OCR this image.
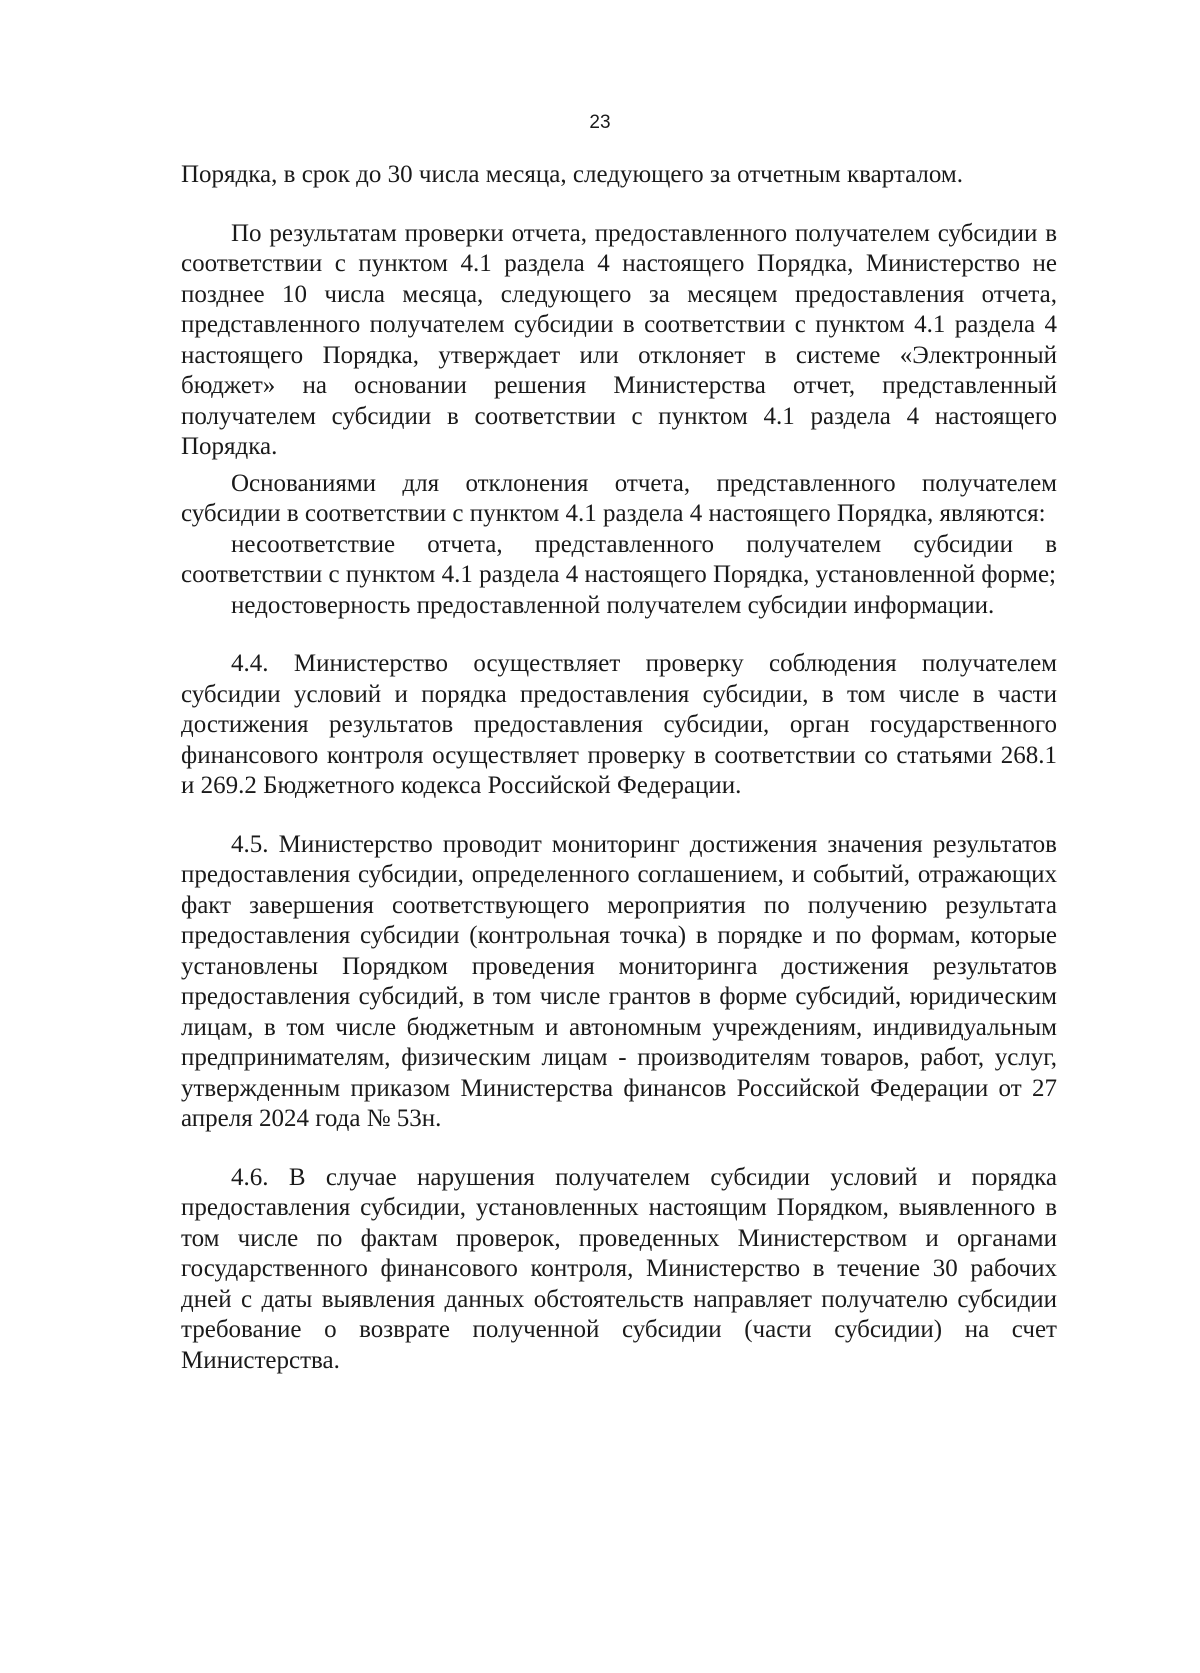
23

Порядка, в срок до 30 числа месяца, следующего за отчетным кварталом.

По результатам проверки отчета, предоставленного получателем субсидии в соответствии с пунктом 4.1 раздела 4 настоящего Порядка, Министерство не позднее 10 числа месяца, следующего за месяцем предоставления отчета, представленного получателем субсидии в соответствии с пунктом 4.1 раздела 4 настоящего Порядка, утверждает или отклоняет в системе «Электронный бюджет» на основании решения Министерства отчет, представленный получателем субсидии в соответствии с пунктом 4.1 раздела 4 настоящего Порядка.

Основаниями для отклонения отчета, представленного получателем субсидии в соответствии с пунктом 4.1 раздела 4 настоящего Порядка, являются:

несоответствие отчета, представленного получателем субсидии в соответствии с пунктом 4.1 раздела 4 настоящего Порядка, установленной форме;

недостоверность предоставленной получателем субсидии информации.

4.4. Министерство осуществляет проверку соблюдения получателем субсидии условий и порядка предоставления субсидии, в том числе в части достижения результатов предоставления субсидии, орган государственного финансового контроля осуществляет проверку в соответствии со статьями 268.1 и 269.2 Бюджетного кодекса Российской Федерации.

4.5. Министерство проводит мониторинг достижения значения результатов предоставления субсидии, определенного соглашением, и событий, отражающих факт завершения соответствующего мероприятия по получению результата предоставления субсидии (контрольная точка) в порядке и по формам, которые установлены Порядком проведения мониторинга достижения результатов предоставления субсидий, в том числе грантов в форме субсидий, юридическим лицам, в том числе бюджетным и автономным учреждениям, индивидуальным предпринимателям, физическим лицам - производителям товаров, работ, услуг, утвержденным приказом Министерства финансов Российской Федерации от 27 апреля 2024 года № 53н.

4.6. В случае нарушения получателем субсидии условий и порядка предоставления субсидии, установленных настоящим Порядком, выявленного в том числе по фактам проверок, проведенных Министерством и органами государственного финансового контроля, Министерство в течение 30 рабочих дней с даты выявления данных обстоятельств направляет получателю субсидии требование о возврате полученной субсидии (части субсидии) на счет Министерства.
